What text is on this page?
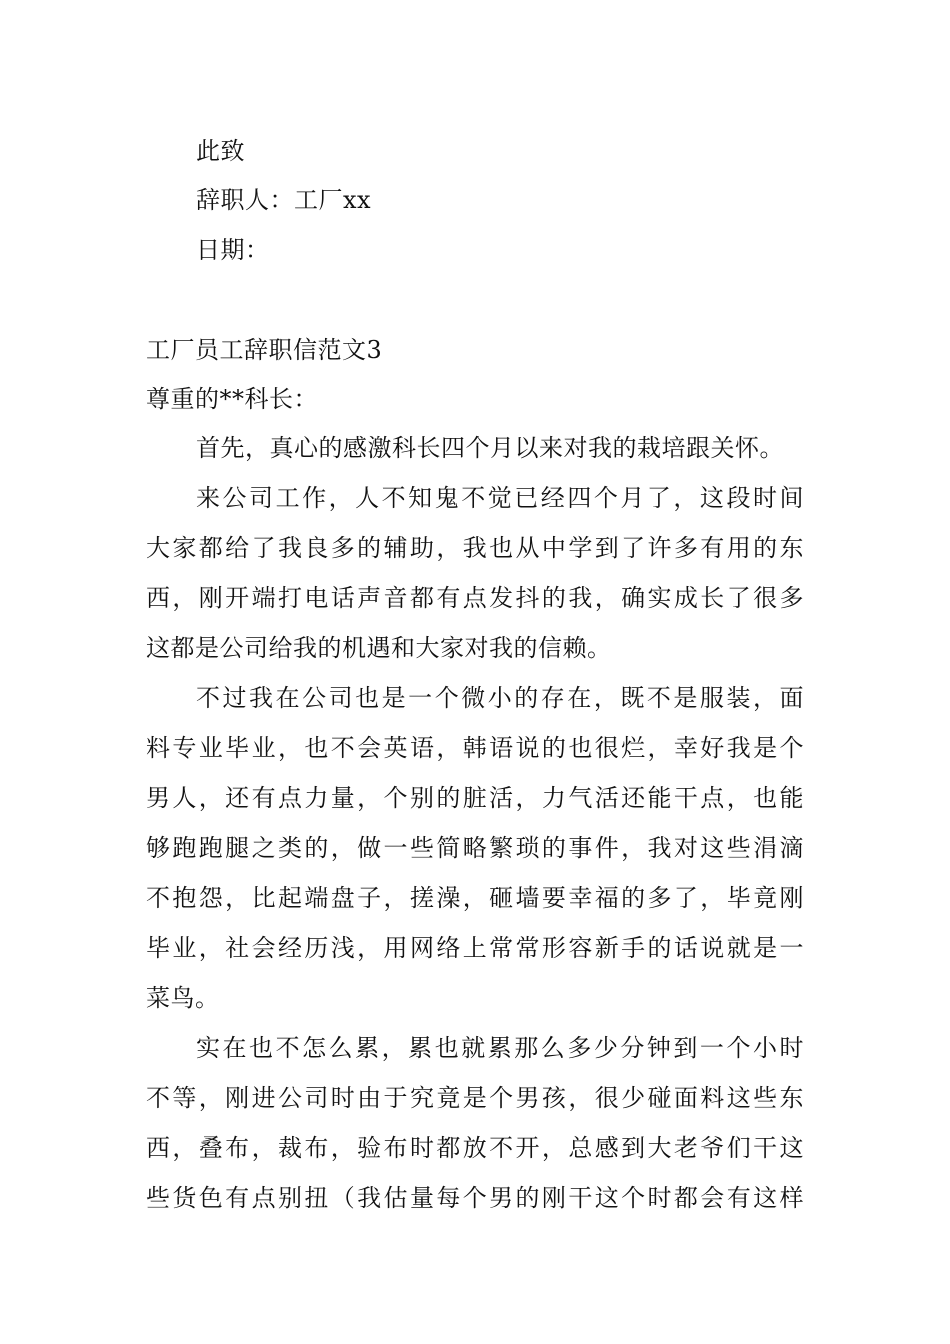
此致
辞职人：工厂xx
日期：
工厂员工辞职信范文3
尊重的**科长：
首先，真心的感激科长四个月以来对我的栽培跟关怀。
来公司工作，人不知鬼不觉已经四个月了，这段时间
大家都给了我良多的辅助，我也从中学到了许多有用的东
西，刚开端打电话声音都有点发抖的我，确实成长了很多
这都是公司给我的机遇和大家对我的信赖。
不过我在公司也是一个微小的存在，既不是服装，面
料专业毕业，也不会英语，韩语说的也很烂，幸好我是个
男人，还有点力量，个别的脏活，力气活还能干点，也能
够跑跑腿之类的，做一些简略繁琐的事件，我对这些涓滴
不抱怨，比起端盘子，搓澡，砸墙要幸福的多了，毕竟刚
毕业，社会经历浅，用网络上常常形容新手的话说就是一
菜鸟。
实在也不怎么累，累也就累那么多少分钟到一个小时
不等，刚进公司时由于究竟是个男孩，很少碰面料这些东
西，叠布，裁布，验布时都放不开，总感到大老爷们干这
些货色有点别扭（我估量每个男的刚干这个时都会有这样
